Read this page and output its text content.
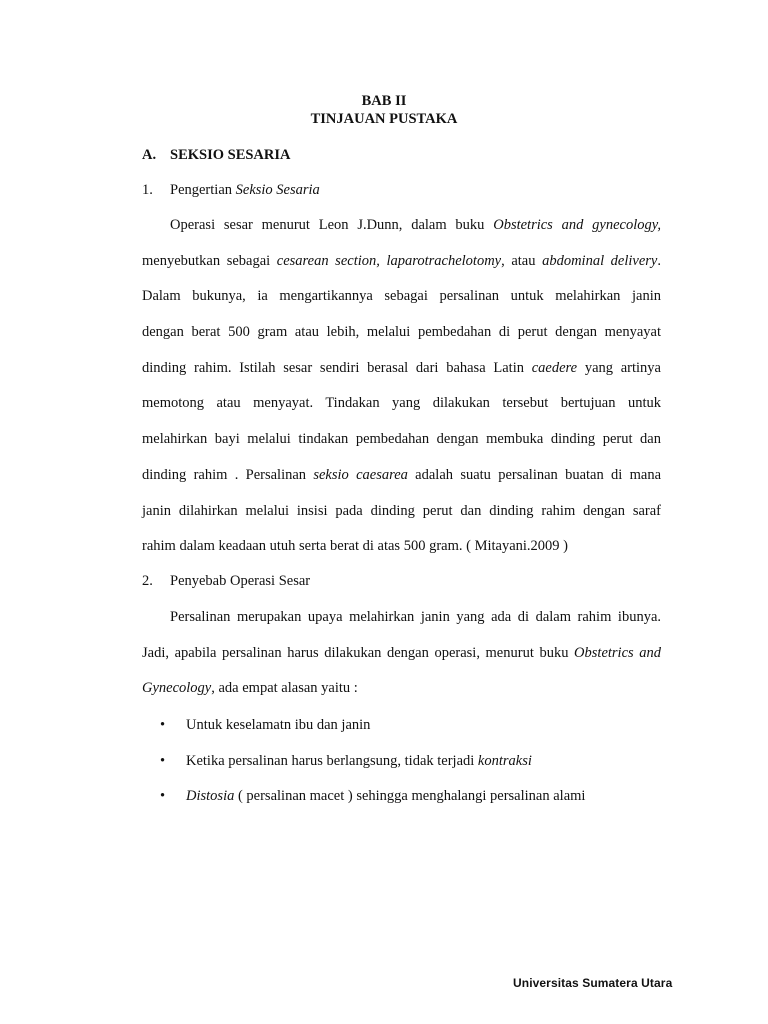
BAB II
TINJAUAN PUSTAKA
A. SEKSIO SESARIA
1. Pengertian Seksio Sesaria
Operasi sesar menurut Leon J.Dunn, dalam buku Obstetrics and gynecology,
menyebutkan sebagai cesarean section, laparotrachelotomy, atau abdominal delivery.
Dalam bukunya, ia mengartikannya sebagai persalinan untuk melahirkan janin
dengan berat 500 gram atau lebih, melalui pembedahan di perut dengan menyayat
dinding rahim. Istilah sesar sendiri berasal dari bahasa Latin caedere yang artinya
memotong atau menyayat. Tindakan yang dilakukan tersebut bertujuan untuk
melahirkan bayi melalui tindakan pembedahan dengan membuka dinding perut dan
dinding rahim . Persalinan seksio caesarea adalah suatu persalinan buatan di mana
janin dilahirkan melalui insisi pada dinding perut dan dinding rahim dengan saraf
rahim dalam keadaan utuh serta berat di atas 500 gram. ( Mitayani.2009 )
2. Penyebab Operasi Sesar
Persalinan merupakan upaya melahirkan janin yang ada di dalam rahim ibunya.
Jadi, apabila persalinan harus dilakukan dengan operasi, menurut buku Obstetrics and
Gynecology, ada empat alasan yaitu :
• Untuk keselamatn ibu dan janin
• Ketika persalinan harus berlangsung, tidak terjadi kontraksi
• Distosia ( persalinan macet ) sehingga menghalangi persalinan alami
Universitas Sumatera Utara
